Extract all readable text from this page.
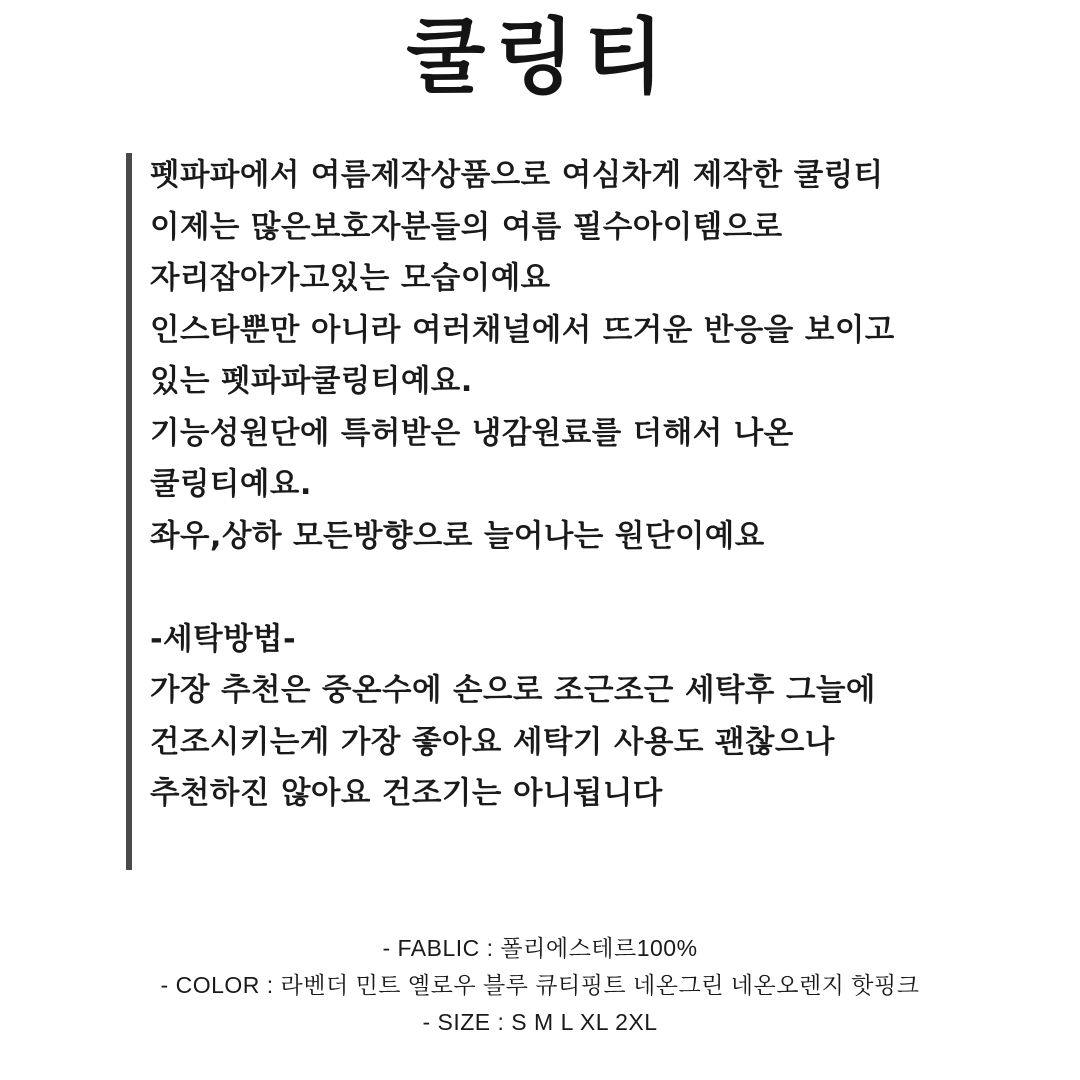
쿨링티
펫파파에서 여름제작상품으로 여심차게 제작한 쿨링티
이제는 많은보호자분들의 여름 필수아이템으로
자리잡아가고있는 모습이예요
인스타뿐만 아니라 여러채널에서 뜨거운 반응을 보이고
있는 펫파파쿨링티예요.
기능성원단에 특허받은 냉감원료를 더해서 나온
쿨링티예요.
좌우,상하 모든방향으로 늘어나는 원단이예요
-세탁방법-
가장 추천은 중온수에 손으로 조근조근 세탁후 그늘에
건조시키는게 가장 좋아요 세탁기 사용도 괜찮으나
추천하진 않아요 건조기는 아니됩니다
- FABLIC : 폴리에스테르100%
- COLOR : 라벤더 민트 옐로우 블루 큐티핑트 네온그린 네온오렌지 핫핑크
- SIZE : S M L XL 2XL
